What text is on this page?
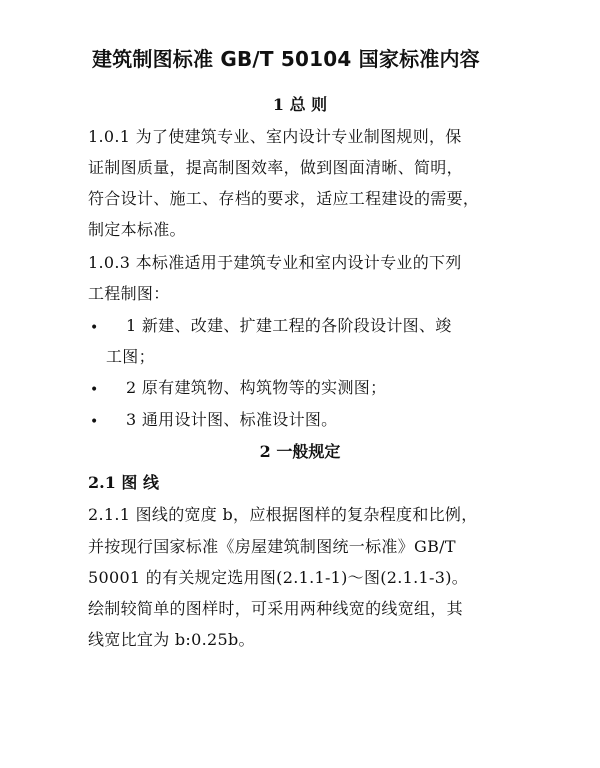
建筑制图标准 GB/T 50104 国家标准内容
1 总 则
1.0.1 为了使建筑专业、室内设计专业制图规则，保
证制图质量，提高制图效率，做到图面清晰、简明，
符合设计、施工、存档的要求，适应工程建设的需要，
制定本标准。
1.0.3 本标准适用于建筑专业和室内设计专业的下列
工程制图：
• 1 新建、改建、扩建工程的各阶段设计图、竣
工图；
• 2 原有建筑物、构筑物等的实测图；
• 3 通用设计图、标准设计图。
2 一般规定
2.1 图 线
2.1.1 图线的宽度 b，应根据图样的复杂程度和比例，
并按现行国家标准《房屋建筑制图统一标准》GB/T
50001 的有关规定选用图(2.1.1-1)～图(2.1.1-3)。
绘制较简单的图样时，可采用两种线宽的线宽组，其
线宽比宜为 b:0.25b。
